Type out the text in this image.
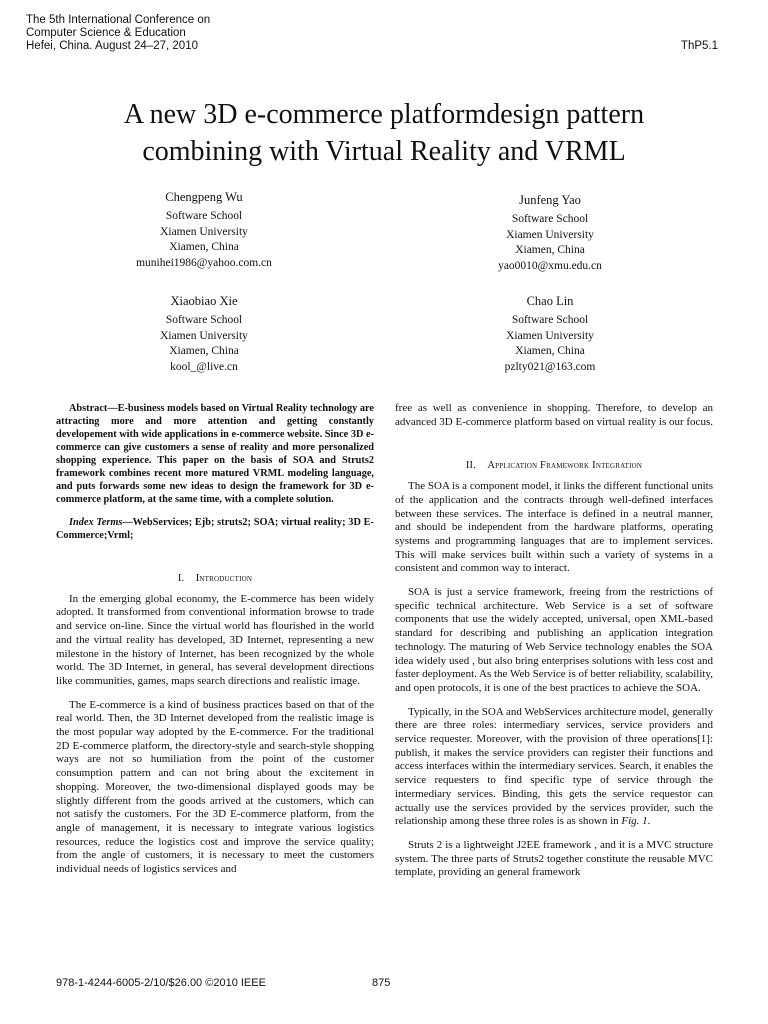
The 5th International Conference on
Computer Science & Education
Hefei, China. August 24–27, 2010	ThP5.1
A new 3D e-commerce platformdesign pattern
combining with Virtual Reality and VRML
Chengpeng Wu
Software School
Xiamen University
Xiamen, China
munihei1986@yahoo.com.cn
Junfeng Yao
Software School
Xiamen University
Xiamen, China
yao0010@xmu.edu.cn
Xiaobiao Xie
Software School
Xiamen University
Xiamen, China
kool_@live.cn
Chao Lin
Software School
Xiamen University
Xiamen, China
pzlty021@163.com

Abstract—E-business models based on Virtual Reality technology are attracting more and more attention and getting constantly developement with wide applications in e-commerce website. Since 3D e-commerce can give customers a sense of reality and more personalized shopping experience. This paper on the basis of SOA and Struts2 framework combines recent more matured VRML modeling language, and puts forwards some new ideas to design the framework for 3D e-commerce platform, at the same time, with a complete solution.

Index Terms—WebServices; Ejb; struts2; SOA; virtual reality; 3D E-Commerce;Vrml;

I. Introduction

In the emerging global economy, the E-commerce has been widely adopted. It transformed from conventional information browse to trade and service on-line. Since the virtual world has flourished in the world and the virtual reality has developed, 3D Internet, representing a new milestone in the history of Internet, has been recognized by the whole world. The 3D Internet, in general, has several development directions like communities, games, maps search directions and realistic image.

The E-commerce is a kind of business practices based on that of the real world. Then, the 3D Internet developed from the realistic image is the most popular way adopted by the E-commerce. For the traditional 2D E-commerce platform, the directory-style and search-style shopping ways are not so humiliation from the point of the customer consumption pattern and can not bring about the excitement in shopping. Moreover, the two-dimensional displayed goods may be slightly different from the goods arrived at the customers, which can not satisfy the customers. For the 3D E-commerce platform, from the angle of management, it is necessary to integrate various logistics resources, reduce the logistics cost and improve the service quality; from the angle of customers, it is necessary to meet the customers individual needs of logistics services and

free as well as convenience in shopping. Therefore, to develop an advanced 3D E-commerce platform based on virtual reality is our focus.

II. Application Framework Integration

The SOA is a component model, it links the different functional units of the application and the contracts through well-defined interfaces between these services. The interface is defined in a neutral manner, and should be independent from the hardware platforms, operating systems and programming languages that are to implement services. This will make services built within such a variety of systems in a consistent and common way to interact.

SOA is just a service framework, freeing from the restrictions of specific technical architecture. Web Service is a set of software components that use the widely accepted, universal, open XML-based standard for describing and publishing an application integration technology. The maturing of Web Service technology enables the SOA idea widely used , but also bring enterprises solutions with less cost and faster deployment. As the Web Service is of better reliability, scalability, and open protocols, it is one of the best practices to achieve the SOA.

Typically, in the SOA and WebServices architecture model, generally there are three roles: intermediary services, service providers and service requester. Moreover, with the provision of three operations[1]: publish, it makes the service providers can register their functions and access interfaces within the intermediary services. Search, it enables the service requesters to find specific type of service through the intermediary services. Binding, this gets the service requestor can actually use the services provided by the services provider, such the relationship among these three roles is as shown in Fig. 1.

Struts 2 is a lightweight J2EE framework , and it is a MVC structure system. The three parts of Struts2 together constitute the reusable MVC template, providing an general framework

978-1-4244-6005-2/10/$26.00 ©2010 IEEE	875
